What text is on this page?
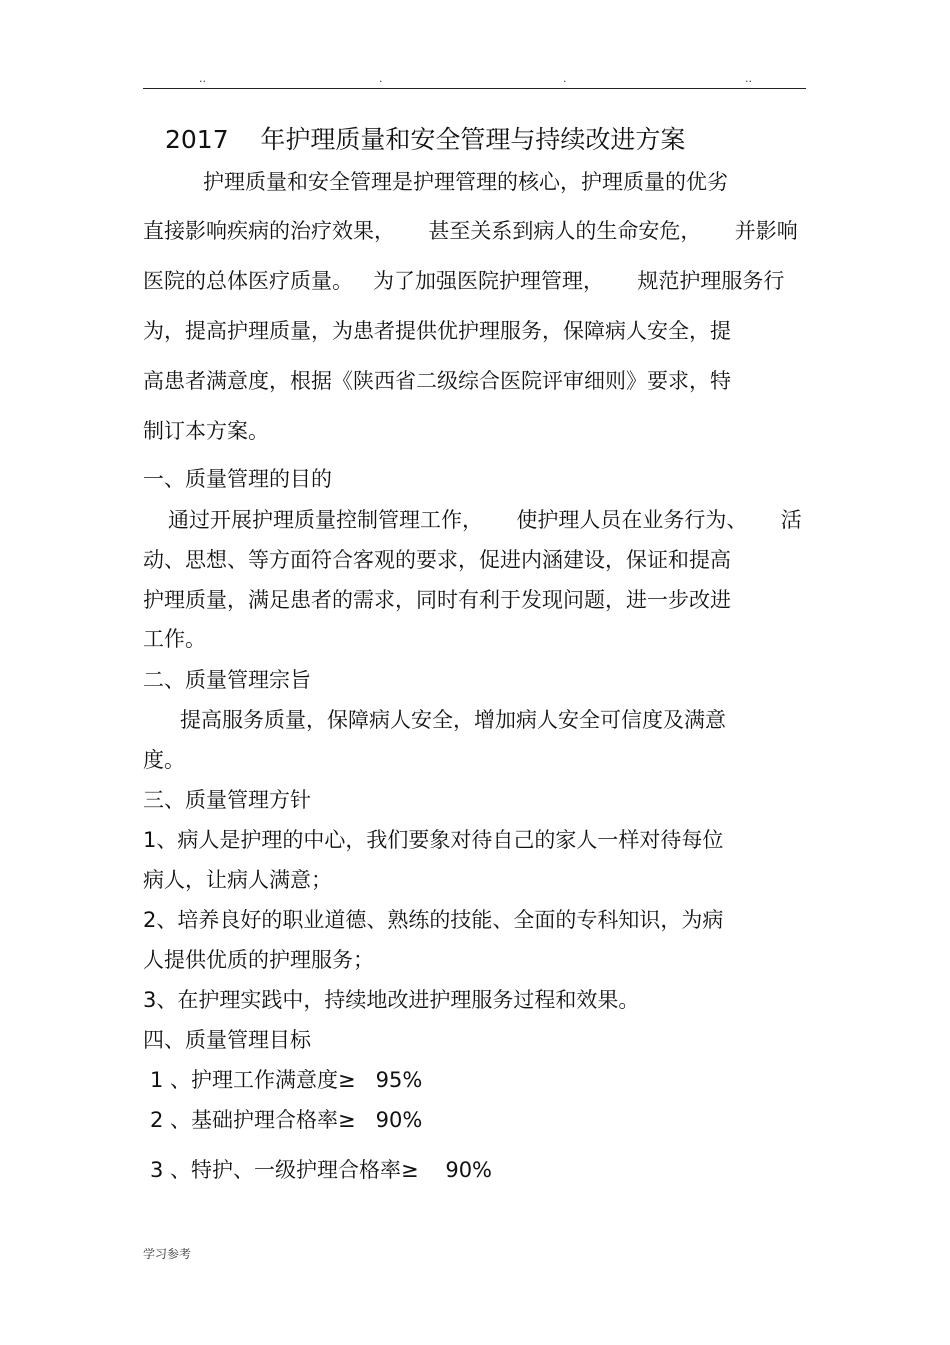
..	.	.	..
2017    年护理质量和安全管理与持续改进方案
护理质量和安全管理是护理管理的核心，护理质量的优劣
直接影响疾病的治疗效果，     甚至关系到病人的生命安危，     并影响
医院的总体医疗质量。   为了加强医院护理管理，     规范护理服务行
为，提高护理质量，为患者提供优护理服务，保障病人安全，提
高患者满意度，根据《陕西省二级综合医院评审细则》要求，特
制订本方案。
一、质量管理的目的
通过开展护理质量控制管理工作，     使护理人员在业务行为、     活
动、思想、等方面符合客观的要求，促进内涵建设，保证和提高
护理质量，满足患者的需求，同时有利于发现问题，进一步改进
工作。
二、质量管理宗旨
提高服务质量，保障病人安全，增加病人安全可信度及满意
度。
三、质量管理方针
1、病人是护理的中心，我们要象对待自己的家人一样对待每位
病人，让病人满意；
2、培养良好的职业道德、熟练的技能、全面的专科知识，为病
人提供优质的护理服务；
3、在护理实践中，持续地改进护理服务过程和效果。
四、质量管理目标
1 、护理工作满意度≥   95%
2 、基础护理合格率≥   90%
3 、特护、一级护理合格率≥    90%
学习参考
